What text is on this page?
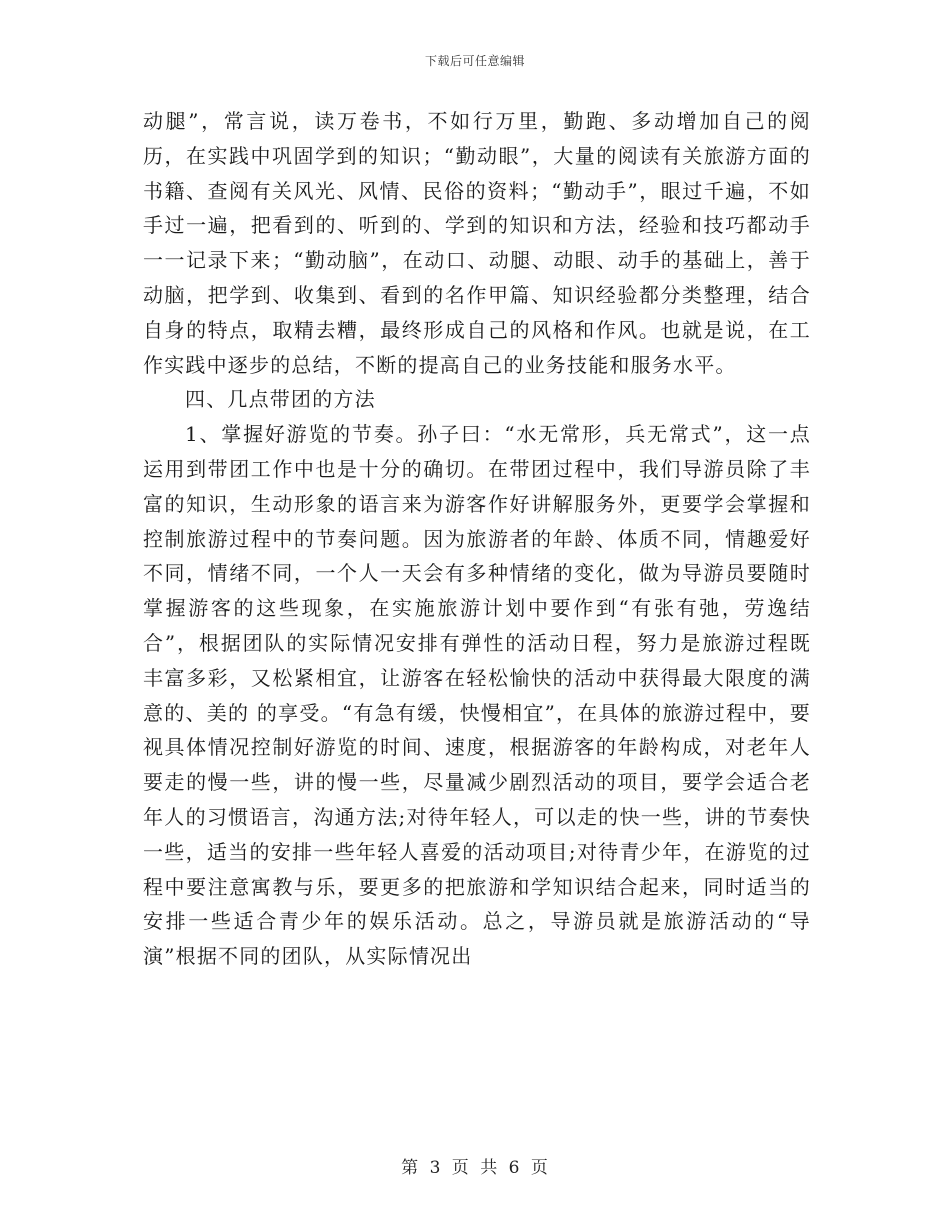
下载后可任意编辑

动腿”，常言说，读万卷书，不如行万里，勤跑、多动增加自己的阅历，在实践中巩固学到的知识；“勤动眼”，大量的阅读有关旅游方面的书籍、查阅有关风光、风情、民俗的资料；“勤动手”，眼过千遍，不如手过一遍，把看到的、听到的、学到的知识和方法，经验和技巧都动手一一记录下来；“勤动脑”，在动口、动腿、动眼、动手的基础上，善于动脑，把学到、收集到、看到的名作甲篇、知识经验都分类整理，结合自身的特点，取精去糟，最终形成自己的风格和作风。也就是说，在工作实践中逐步的总结，不断的提高自己的业务技能和服务水平。

四、几点带团的方法

1、掌握好游览的节奏。孙子曰：“水无常形，兵无常式”，这一点运用到带团工作中也是十分的确切。在带团过程中，我们导游员除了丰富的知识，生动形象的语言来为游客作好讲解服务外，更要学会掌握和控制旅游过程中的节奏问题。因为旅游者的年龄、体质不同，情趣爱好不同，情绪不同，一个人一天会有多种情绪的变化，做为导游员要随时掌握游客的这些现象，在实施旅游计划中要作到“有张有弛，劳逸结合”，根据团队的实际情况安排有弹性的活动日程，努力是旅游过程既丰富多彩，又松紧相宜，让游客在轻松愉快的活动中获得最大限度的满意的、美的 的享受。“有急有缓，快慢相宜”，在具体的旅游过程中，要视具体情况控制好游览的时间、速度，根据游客的年龄构成，对老年人要走的慢一些，讲的慢一些，尽量减少剧烈活动的项目，要学会适合老年人的习惯语言，沟通方法;对待年轻人，可以走的快一些，讲的节奏快一些，适当的安排一些年轻人喜爱的活动项目;对待青少年，在游览的过程中要注意寓教与乐，要更多的把旅游和学知识结合起来，同时适当的安排一些适合青少年的娱乐活动。总之，导游员就是旅游活动的“导演”根据不同的团队，从实际情况出

第 3 页 共 6 页
